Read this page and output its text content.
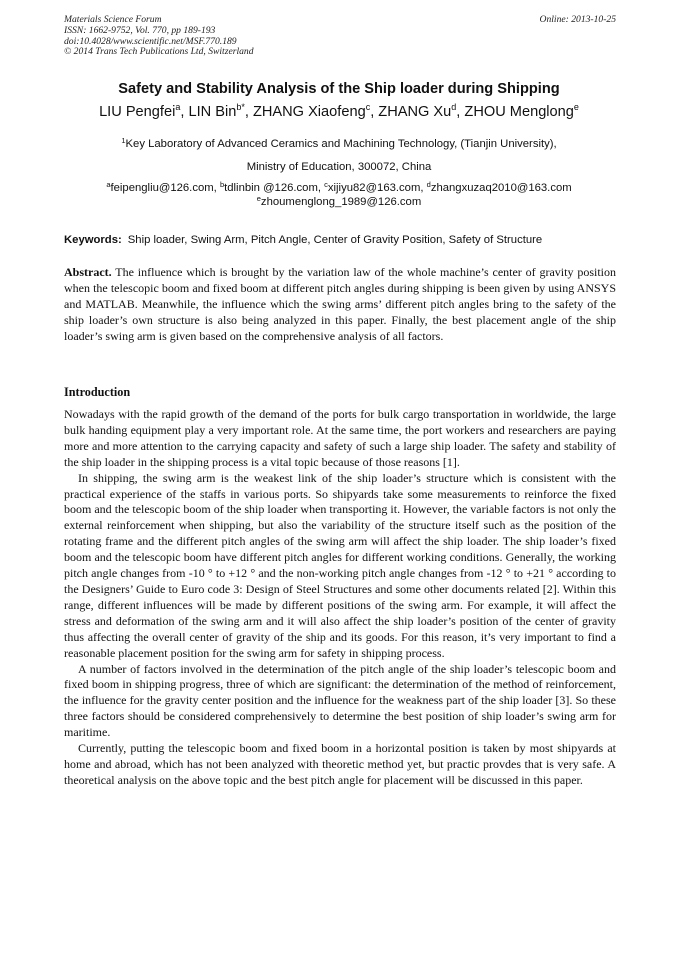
Materials Science Forum
ISSN: 1662-9752, Vol. 770, pp 189-193
doi:10.4028/www.scientific.net/MSF.770.189
© 2014 Trans Tech Publications Ltd, Switzerland
Online: 2013-10-25
Safety and Stability Analysis of the Ship loader during Shipping
LIU Pengfei$^a$, LIN Bin$^{b*}$, ZHANG Xiaofeng$^c$, ZHANG Xu$^d$, ZHOU Menglong$^e$
$^1$Key Laboratory of Advanced Ceramics and Machining Technology, (Tianjin University),
Ministry of Education, 300072, China
$^a$feipengliu@126.com, $^b$tdlinbin @126.com, $^c$xijiyu82@163.com, $^d$zhangxuzaq2010@163.com
$^e$zhoumenglong_1989@126.com
Keywords: Ship loader, Swing Arm, Pitch Angle, Center of Gravity Position, Safety of Structure

Abstract. The influence which is brought by the variation law of the whole machine’s center of gravity position when the telescopic boom and fixed boom at different pitch angles during shipping is been given by using ANSYS and MATLAB. Meanwhile, the influence which the swing arms’ different pitch angles bring to the safety of the ship loader’s own structure is also being analyzed in this paper. Finally, the best placement angle of the ship loader’s swing arm is given based on the comprehensive analysis of all factors.

Introduction

Nowadays with the rapid growth of the demand of the ports for bulk cargo transportation in worldwide, the large bulk handing equipment play a very important role. At the same time, the port workers and researchers are paying more and more attention to the carrying capacity and safety of such a large ship loader. The safety and stability of the ship loader in the shipping process is a vital topic because of those reasons [1].

In shipping, the swing arm is the weakest link of the ship loader’s structure which is consistent with the practical experience of the staffs in various ports. So shipyards take some measurements to reinforce the fixed boom and the telescopic boom of the ship loader when transporting it. However, the variable factors is not only the external reinforcement when shipping, but also the variability of the structure itself such as the position of the rotating frame and the different pitch angles of the swing arm will affect the ship loader. The ship loader’s fixed boom and the telescopic boom have different pitch angles for different working conditions. Generally, the working pitch angle changes from -10 ° to +12 ° and the non-working pitch angle changes from -12 ° to +21 ° according to the Designers’ Guide to Euro code 3: Design of Steel Structures and some other documents related [2]. Within this range, different influences will be made by different positions of the swing arm. For example, it will affect the stress and deformation of the swing arm and it will also affect the ship loader’s position of the center of gravity thus affecting the overall center of gravity of the ship and its goods. For this reason, it’s very important to find a reasonable placement position for the swing arm for safety in shipping process.

A number of factors involved in the determination of the pitch angle of the ship loader’s telescopic boom and fixed boom in shipping progress, three of which are significant: the determination of the method of reinforcement, the influence for the gravity center position and the influence for the weakness part of the ship loader [3]. So these three factors should be considered comprehensively to determine the best position of ship loader’s swing arm for maritime.

Currently, putting the telescopic boom and fixed boom in a horizontal position is taken by most shipyards at home and abroad, which has not been analyzed with theoretic method yet, but practic provdes that is very safe. A theoretical analysis on the above topic and the best pitch angle for placement will be discussed in this paper.
